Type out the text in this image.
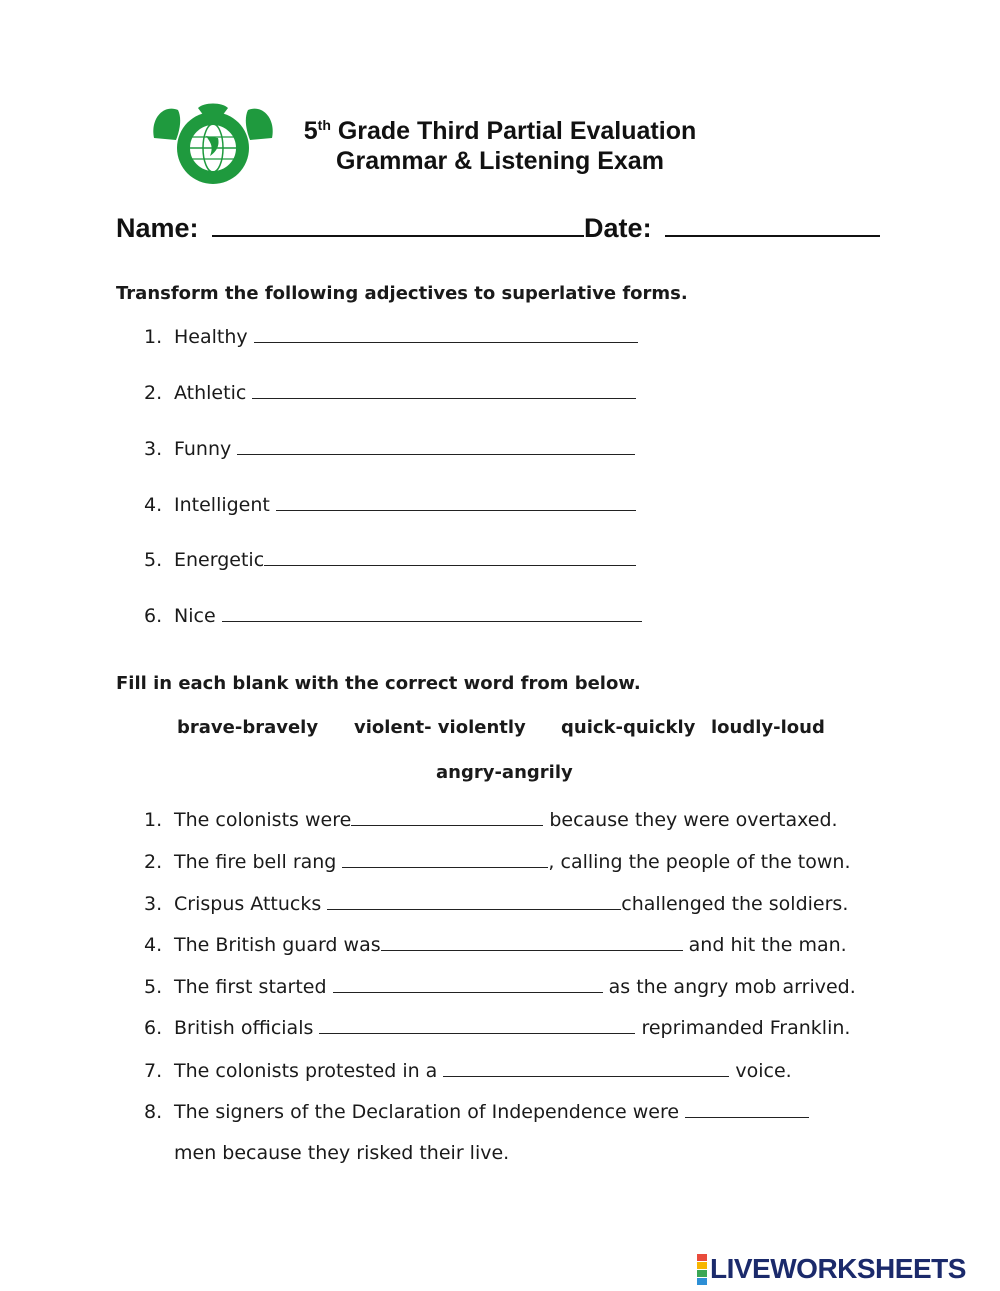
5th Grade Third Partial Evaluation
Grammar & Listening Exam
Name:	Date:
Transform the following adjectives to superlative forms.
1. Healthy
2. Athletic
3. Funny
4. Intelligent
5. Energetic
6. Nice
Fill in each blank with the correct word from below.
brave-bravely violent- violently quick-quickly loudly-loud
angry-angrily
1. The colonists were	because they were overtaxed.
2. The fire bell rang	, calling the people of the town.
3. Crispus Attucks	challenged the soldiers.
4. The British guard was	and hit the man.
5. The first started	as the angry mob arrived.
6. British officials	reprimanded Franklin.
7. The colonists protested in a	voice.
8. The signers of the Declaration of Independence were
men because they risked their live.
LIVEWORKSHEETS
